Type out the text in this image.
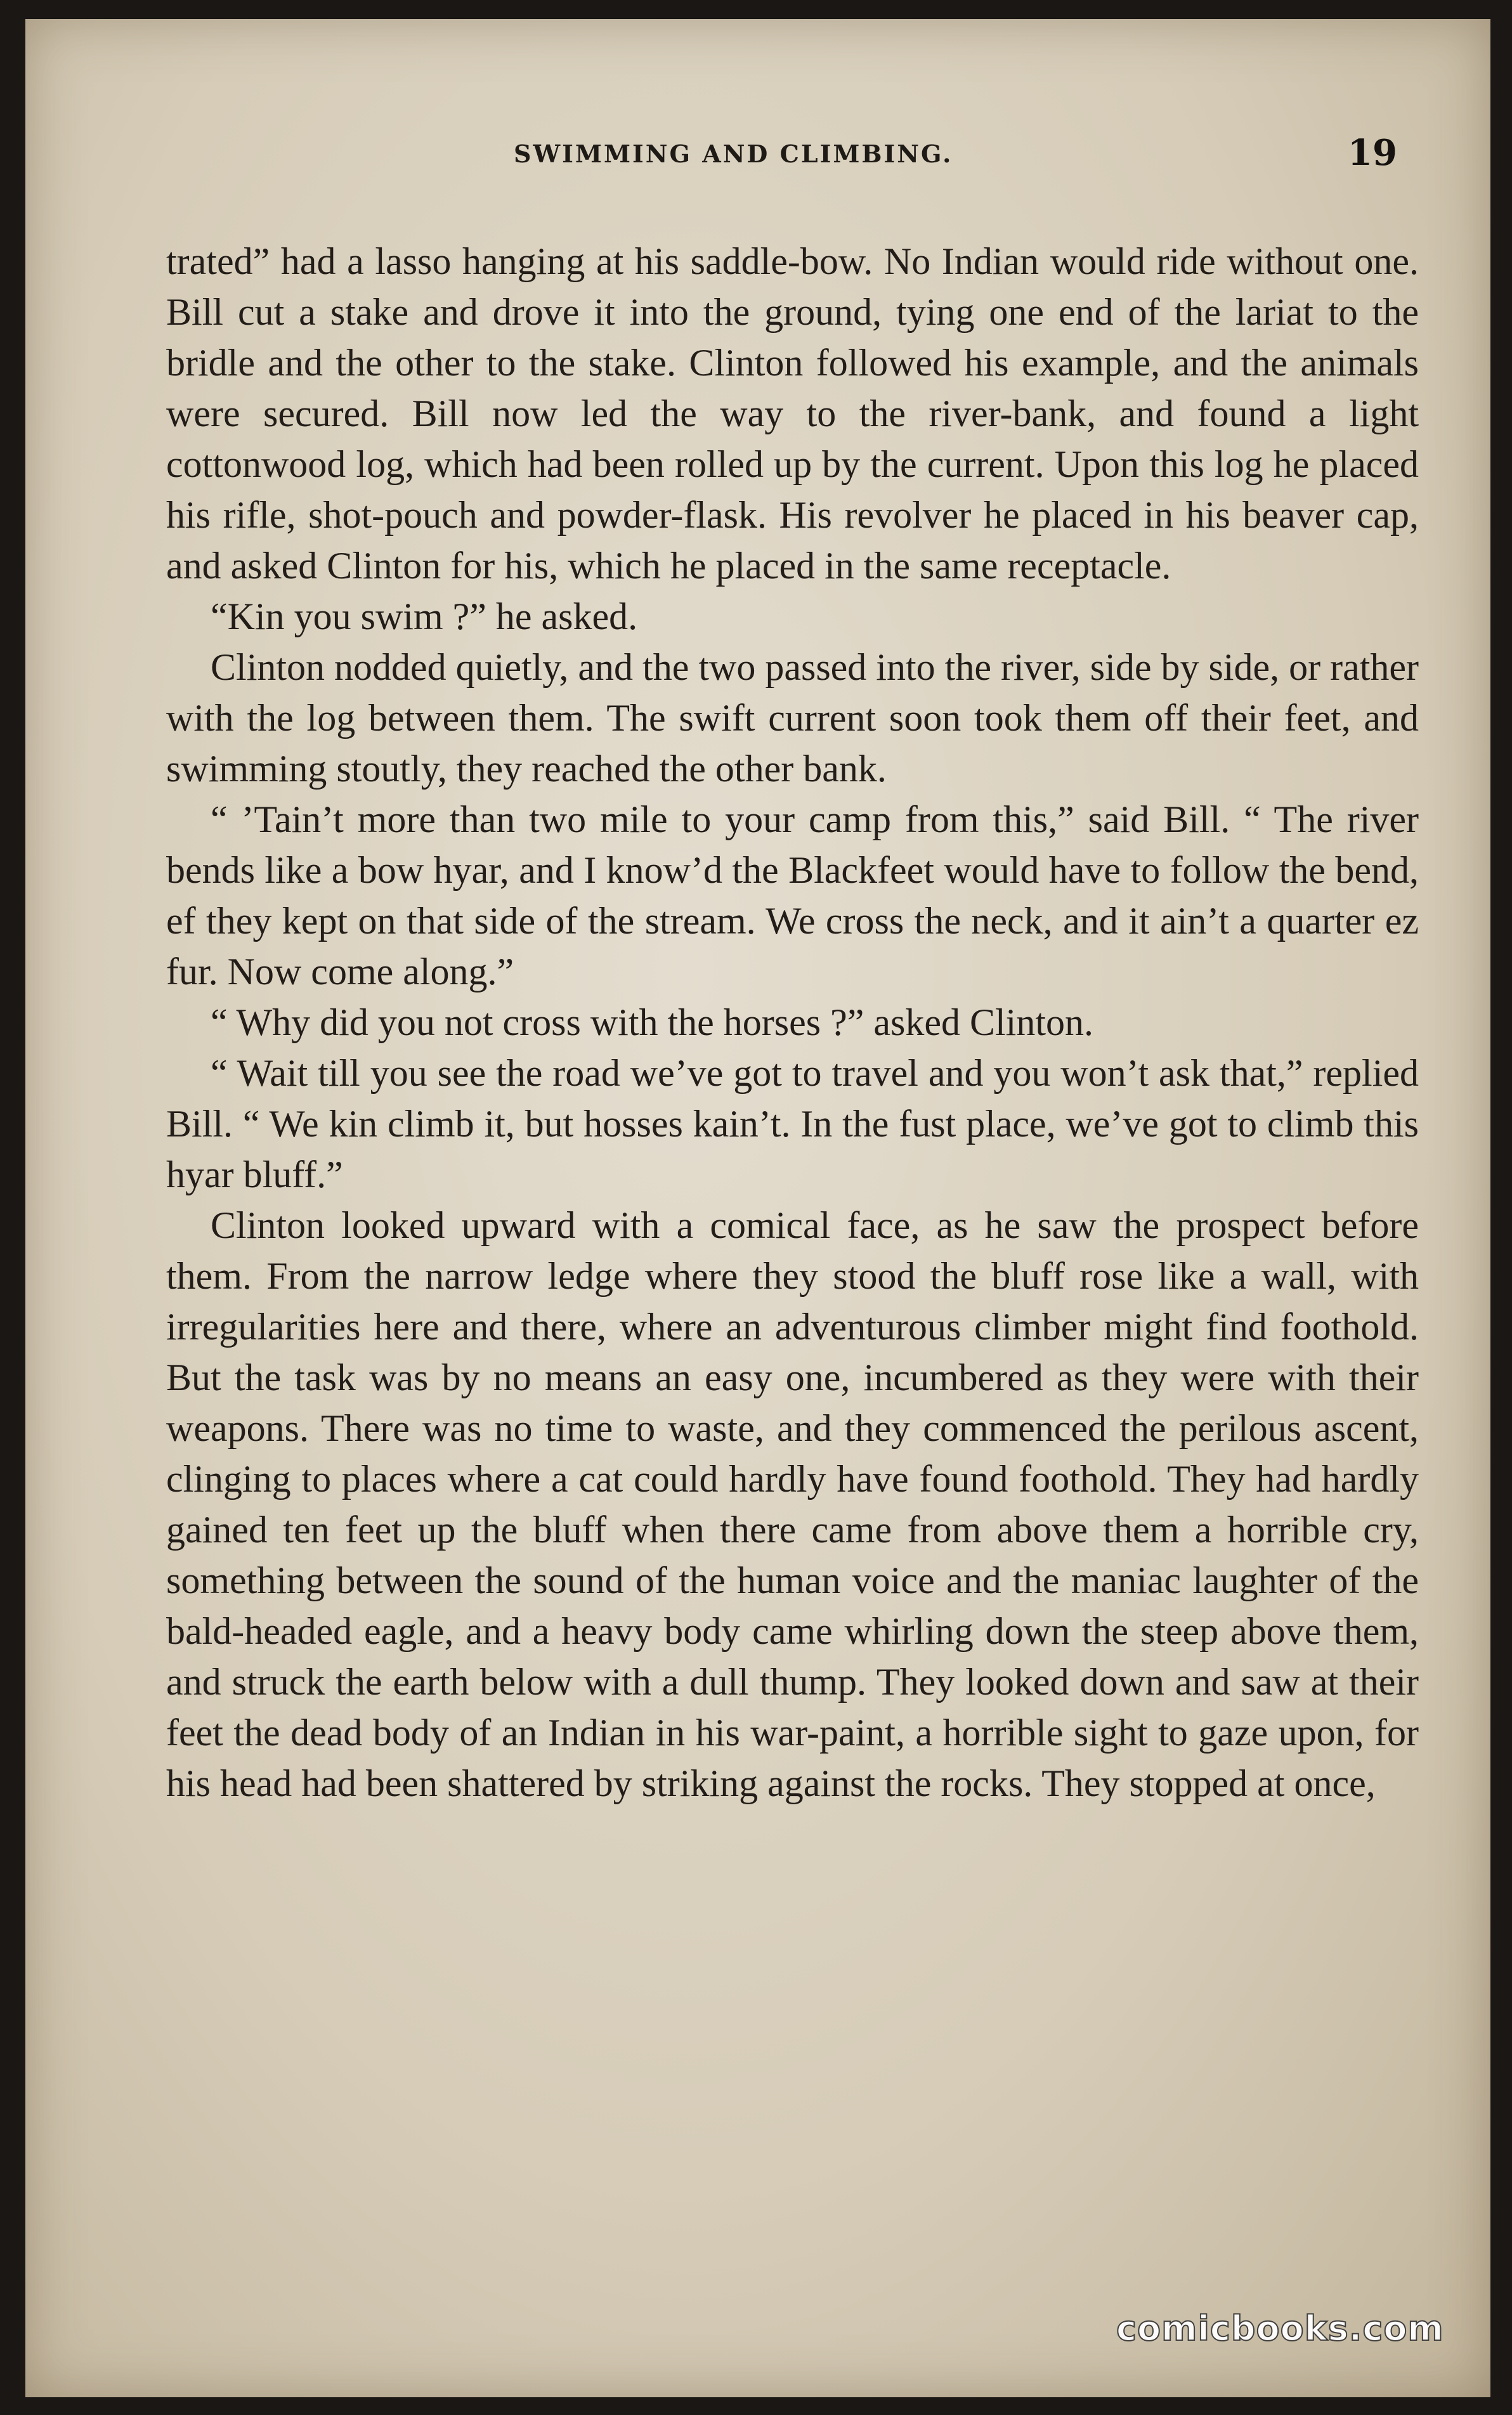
SWIMMING AND CLIMBING.	19

trated” had a lasso hanging at his saddle-bow. No Indian would ride without one. Bill cut a stake and drove it into the ground, tying one end of the lariat to the bridle and the other to the stake. Clinton followed his example, and the animals were secured. Bill now led the way to the river-bank, and found a light cottonwood log, which had been rolled up by the current. Upon this log he placed his rifle, shot-pouch and powder-flask. His revolver he placed in his beaver cap, and asked Clinton for his, which he placed in the same receptacle.

“Kin you swim ?” he asked.

Clinton nodded quietly, and the two passed into the river, side by side, or rather with the log between them. The swift current soon took them off their feet, and swimming stoutly, they reached the other bank.

“ ’Tain’t more than two mile to your camp from this,” said Bill. “ The river bends like a bow hyar, and I know’d the Blackfeet would have to follow the bend, ef they kept on that side of the stream. We cross the neck, and it ain’t a quarter ez fur. Now come along.”

“ Why did you not cross with the horses ?” asked Clinton.

“ Wait till you see the road we’ve got to travel and you won’t ask that,” replied Bill. “ We kin climb it, but hosses kain’t. In the fust place, we’ve got to climb this hyar bluff.”

Clinton looked upward with a comical face, as he saw the prospect before them. From the narrow ledge where they stood the bluff rose like a wall, with irregularities here and there, where an adventurous climber might find foothold. But the task was by no means an easy one, incumbered as they were with their weapons. There was no time to waste, and they commenced the perilous ascent, clinging to places where a cat could hardly have found foothold. They had hardly gained ten feet up the bluff when there came from above them a horrible cry, something between the sound of the human voice and the maniac laughter of the bald-headed eagle, and a heavy body came whirling down the steep above them, and struck the earth below with a dull thump. They looked down and saw at their feet the dead body of an Indian in his war-paint, a horrible sight to gaze upon, for his head had been shattered by striking against the rocks. They stopped at once,

comicbooks.com
